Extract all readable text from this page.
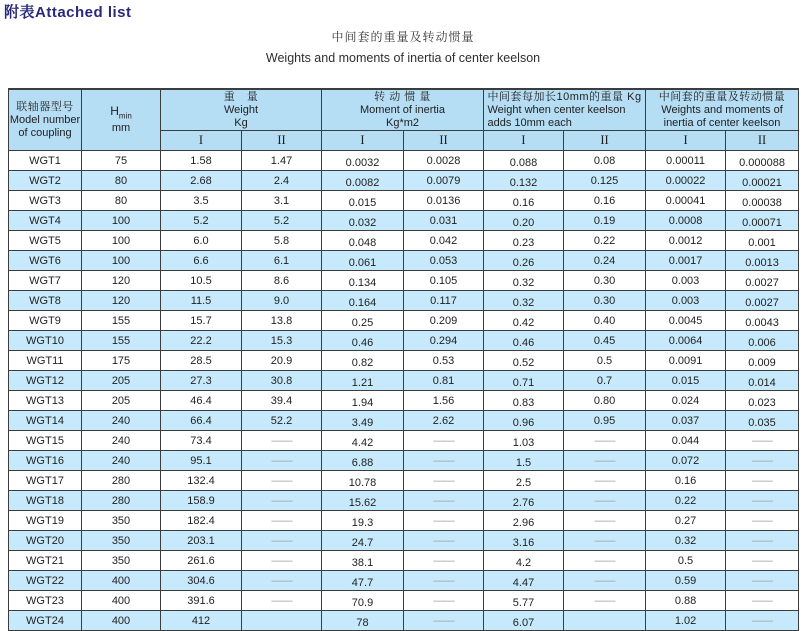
附表Attached list
中间套的重量及转动惯量
Weights and moments of inertia of center keelson
联轴器型号
Model number
of coupling

$H_{min}$
mm

重　量
Weight
Kg

转 动 惯 量
Moment of inertia
Kg*m2

中间套每加长10mm的重量 Kg
Weight when center keelson
adds 10mm each

中间套的重量及转动惯量
Weights and moments of
inertia of center keelson

		I	II	I	II	I	II	I	II
WGT1	75	1.58	1.47	0.0032	0.0028	0.088	0.08	0.00011	0.000088
WGT2	80	2.68	2.4	0.0082	0.0079	0.132	0.125	0.00022	0.00021
WGT3	80	3.5	3.1	0.015	0.0136	0.16	0.16	0.00041	0.00038
WGT4	100	5.2	5.2	0.032	0.031	0.20	0.19	0.0008	0.00071
WGT5	100	6.0	5.8	0.048	0.042	0.23	0.22	0.0012	0.001
WGT6	100	6.6	6.1	0.061	0.053	0.26	0.24	0.0017	0.0013
WGT7	120	10.5	8.6	0.134	0.105	0.32	0.30	0.003	0.0027
WGT8	120	11.5	9.0	0.164	0.117	0.32	0.30	0.003	0.0027
WGT9	155	15.7	13.8	0.25	0.209	0.42	0.40	0.0045	0.0043
WGT10	155	22.2	15.3	0.46	0.294	0.46	0.45	0.0064	0.006
WGT11	175	28.5	20.9	0.82	0.53	0.52	0.5	0.0091	0.009
WGT12	205	27.3	30.8	1.21	0.81	0.71	0.7	0.015	0.014
WGT13	205	46.4	39.4	1.94	1.56	0.83	0.80	0.024	0.023
WGT14	240	66.4	52.2	3.49	2.62	0.96	0.95	0.037	0.035
WGT15	240	73.4	——	4.42	——	1.03	——	0.044	——
WGT16	240	95.1	——	6.88	——	1.5	——	0.072	——
WGT17	280	132.4	——	10.78	——	2.5	——	0.16	——
WGT18	280	158.9	——	15.62	——	2.76	——	0.22	——
WGT19	350	182.4	——	19.3	——	2.96	——	0.27	——
WGT20	350	203.1	——	24.7	——	3.16	——	0.32	——
WGT21	350	261.6	——	38.1	——	4.2	——	0.5	——
WGT22	400	304.6	——	47.7	——	4.47	——	0.59	——
WGT23	400	391.6	——	70.9	——	5.77	——	0.88	——
WGT24	400	412		78	——	6.07		1.02	——
